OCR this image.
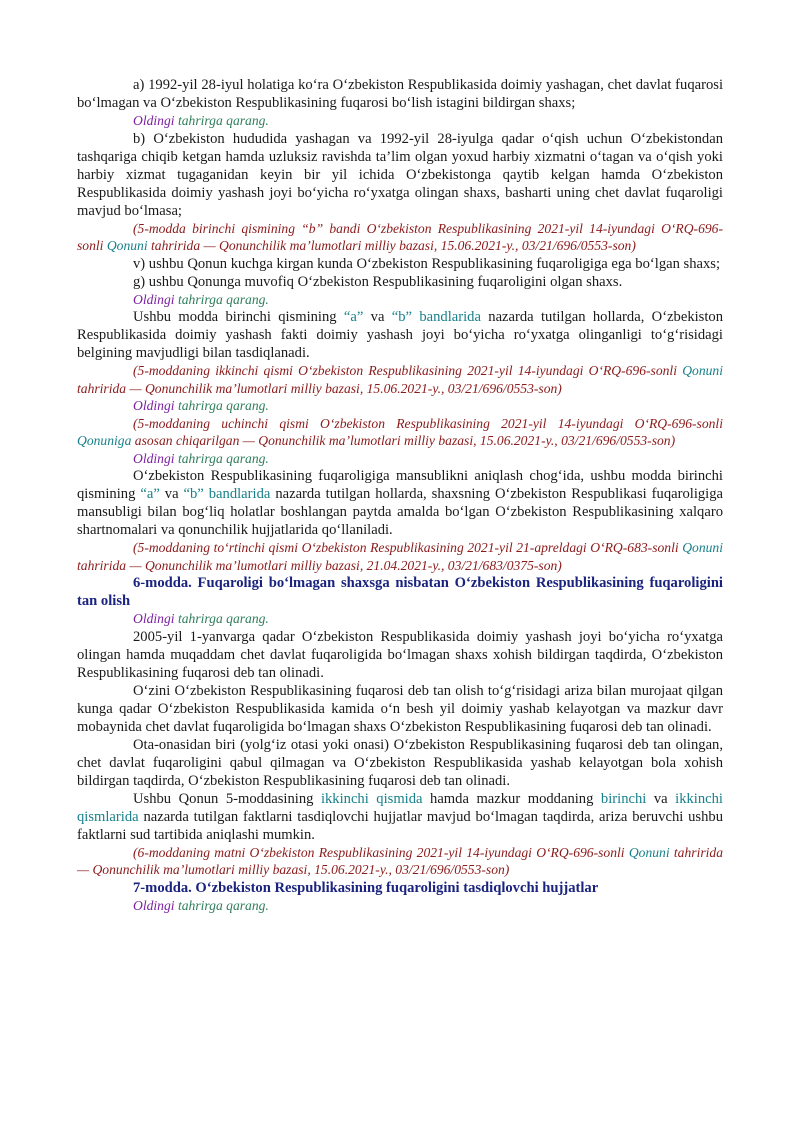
a) 1992-yil 28-iyul holatiga ko‘ra O‘zbekiston Respublikasida doimiy yashagan, chet davlat fuqarosi bo‘lmagan va O‘zbekiston Respublikasining fuqarosi bo‘lish istagini bildirgan shaxs;

Oldingi tahrirga qarang.

b) O‘zbekiston hududida yashagan va 1992-yil 28-iyulga qadar o‘qish uchun O‘zbekistondan tashqariga chiqib ketgan hamda uzluksiz ravishda ta’lim olgan yoxud harbiy xizmatni o‘tagan va o‘qish yoki harbiy xizmat tugaganidan keyin bir yil ichida O‘zbekistonga qaytib kelgan hamda O‘zbekiston Respublikasida doimiy yashash joyi bo‘yicha ro‘yxatga olingan shaxs, basharti uning chet davlat fuqaroligi mavjud bo‘lmasa;

(5-modda birinchi qismining “b” bandi O‘zbekiston Respublikasining 2021-yil 14-iyundagi O‘RQ-696-sonli Qonuni tahririda — Qonunchilik ma’lumotlari milliy bazasi, 15.06.2021-y., 03/21/696/0553-son)

v) ushbu Qonun kuchga kirgan kunda O‘zbekiston Respublikasining fuqaroligiga ega bo‘lgan shaxs;

g) ushbu Qonunga muvofiq O‘zbekiston Respublikasining fuqaroligini olgan shaxs.

Oldingi tahrirga qarang.

Ushbu modda birinchi qismining “a” va “b” bandlarida nazarda tutilgan hollarda, O‘zbekiston Respublikasida doimiy yashash fakti doimiy yashash joyi bo‘yicha ro‘yxatga olinganligi to‘g‘risidagi belgining mavjudligi bilan tasdiqlanadi.

(5-moddaning ikkinchi qismi O‘zbekiston Respublikasining 2021-yil 14-iyundagi O‘RQ-696-sonli Qonuni tahririda — Qonunchilik ma’lumotlari milliy bazasi, 15.06.2021-y., 03/21/696/0553-son)

Oldingi tahrirga qarang.

(5-moddaning uchinchi qismi O‘zbekiston Respublikasining 2021-yil 14-iyundagi O‘RQ-696-sonli Qonuniga asosan chiqarilgan — Qonunchilik ma’lumotlari milliy bazasi, 15.06.2021-y., 03/21/696/0553-son)

Oldingi tahrirga qarang.

O‘zbekiston Respublikasining fuqaroligiga mansublikni aniqlash chog‘ida, ushbu modda birinchi qismining “a” va “b” bandlarida nazarda tutilgan hollarda, shaxsning O‘zbekiston Respublikasi fuqaroligiga mansubligi bilan bog‘liq holatlar boshlangan paytda amalda bo‘lgan O‘zbekiston Respublikasining xalqaro shartnomalari va qonunchilik hujjatlarida qo‘llaniladi.

(5-moddaning to‘rtinchi qismi O‘zbekiston Respublikasining 2021-yil 21-apreldagi O‘RQ-683-sonli Qonuni tahririda — Qonunchilik ma’lumotlari milliy bazasi, 21.04.2021-y., 03/21/683/0375-son)

6-modda. Fuqaroligi bo‘lmagan shaxsga nisbatan O‘zbekiston Respublikasining fuqaroligini tan olish

Oldingi tahrirga qarang.

2005-yil 1-yanvarga qadar O‘zbekiston Respublikasida doimiy yashash joyi bo‘yicha ro‘yxatga olingan hamda muqaddam chet davlat fuqaroligida bo‘lmagan shaxs xohish bildirgan taqdirda, O‘zbekiston Respublikasining fuqarosi deb tan olinadi.

O‘zini O‘zbekiston Respublikasining fuqarosi deb tan olish to‘g‘risidagi ariza bilan murojaat qilgan kunga qadar O‘zbekiston Respublikasida kamida o‘n besh yil doimiy yashab kelayotgan va mazkur davr mobaynida chet davlat fuqaroligida bo‘lmagan shaxs O‘zbekiston Respublikasining fuqarosi deb tan olinadi.

Ota-onasidan biri (yolg‘iz otasi yoki onasi) O‘zbekiston Respublikasining fuqarosi deb tan olingan, chet davlat fuqaroligini qabul qilmagan va O‘zbekiston Respublikasida yashab kelayotgan bola xohish bildirgan taqdirda, O‘zbekiston Respublikasining fuqarosi deb tan olinadi.

Ushbu Qonun 5-moddasining ikkinchi qismida hamda mazkur moddaning birinchi va ikkinchi qismlarida nazarda tutilgan faktlarni tasdiqlovchi hujjatlar mavjud bo‘lmagan taqdirda, ariza beruvchi ushbu faktlarni sud tartibida aniqlashi mumkin.

(6-moddaning matni O‘zbekiston Respublikasining 2021-yil 14-iyundagi O‘RQ-696-sonli Qonuni tahririda — Qonunchilik ma’lumotlari milliy bazasi, 15.06.2021-y., 03/21/696/0553-son)

7-modda. O‘zbekiston Respublikasining fuqaroligini tasdiqlovchi hujjatlar

Oldingi tahrirga qarang.
